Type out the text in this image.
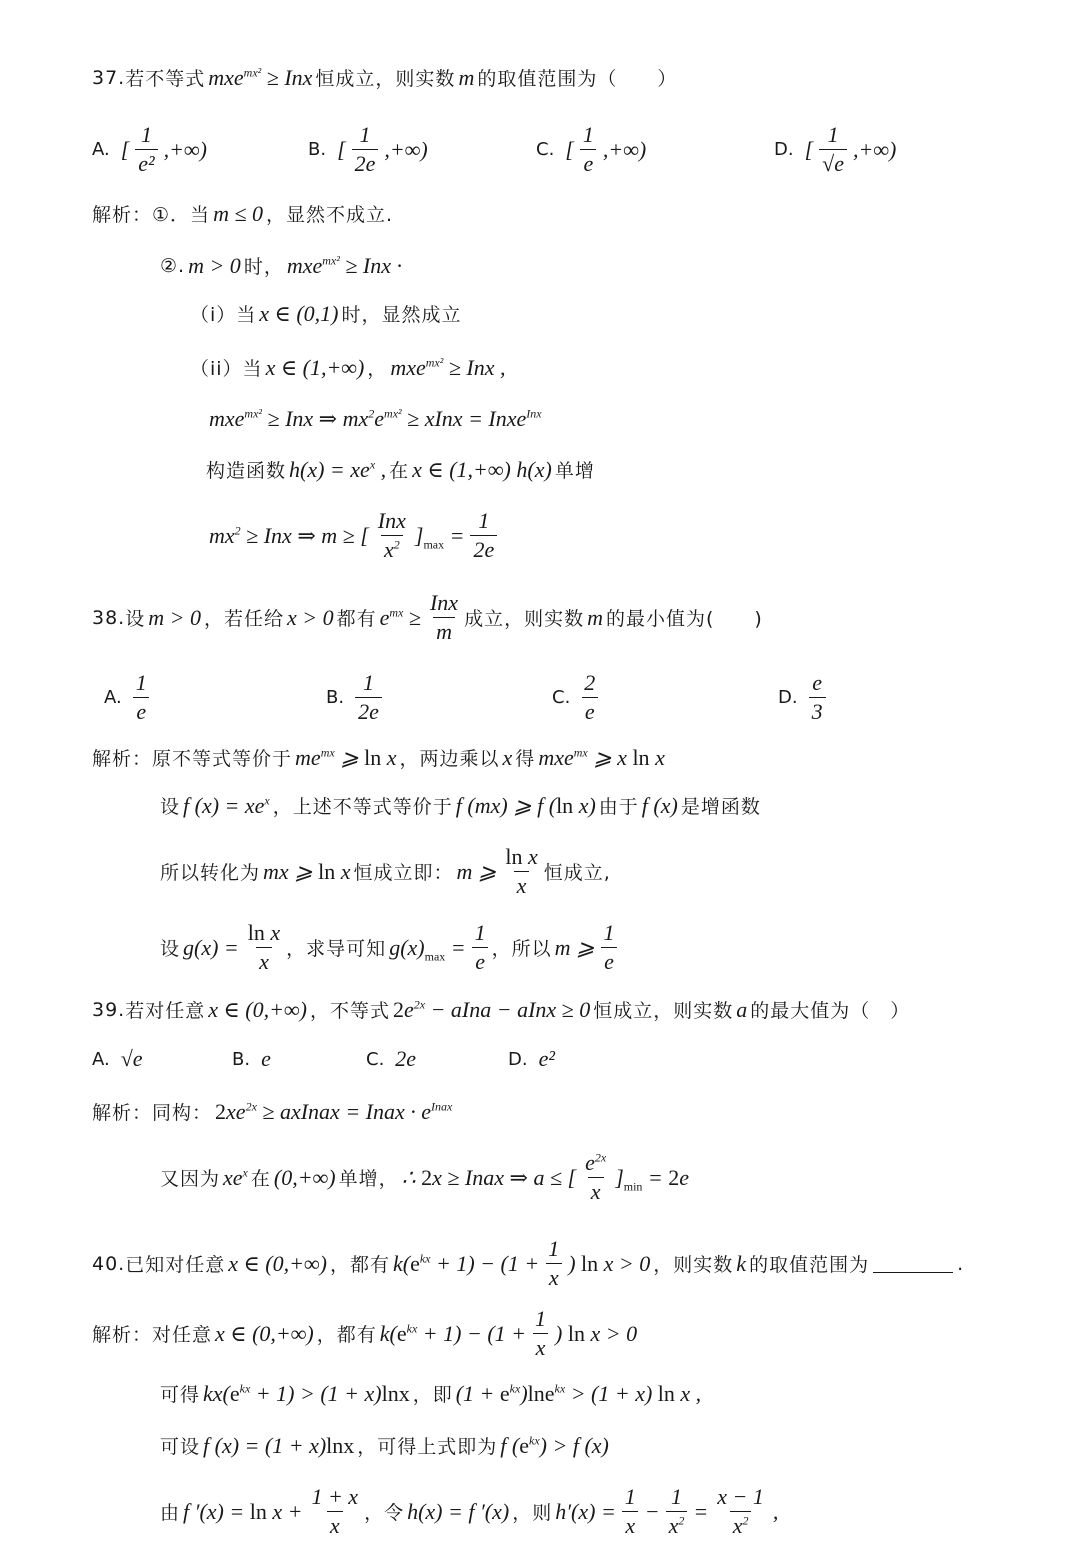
37. 若不等式 mxe$^{mx^2}$ ≥ Inx 恒成立，则实数 m 的取值范围为（　　）
A. [ $\frac{1}{\text{e²}}$ ,+∞)	B. [ $\frac{1}{2e}$ ,+∞)	C. [ $\frac{1}{e}$ ,+∞)	D. [ $\frac{1}{√e}$ ,+∞)
解析： ①．当 m ≤ 0 ，显然不成立.
②. m > 0 时， mxe$^{mx^2}$ ≥ Inx ·
（i）当 x ∈ (0,1) 时，显然成立
（ii）当 x ∈ (1,+∞) ， mxe$^{mx^2}$ ≥ Inx ,
mxe$^{mx^2}$ ≥ Inx ⇒ $mx^2e^{mx^2}$ ≥ xInx = Inxe$^{Inx}$
构造函数 $h(x) = xe^x$ , 在 x ∈ (1,+∞) h(x) 单增
$mx^2$ ≥ Inx ⇒ m ≥ [ $\frac{\text{Inx}}{x^2} ]_{max} = \frac{1}{2e}$
38. 设 m > 0 ，若任给 x > 0 都有 $e^{mx} \ge \frac{\text{Inx}}{m}$ 成立，则实数 m 的最小值为(　　)
A. $\frac{1}{e}$	B. $\frac{1}{2e}$	C. $\frac{2}{e}$	D. $\frac{e}{3}$
解析： 原不等式等价于 $me^{mx}$ ⩾ ln x ，两边乘以 x 得 mxe$^{mx}$ ⩾ x ln x
设 f $(x) = xe^x$ ，上述不等式等价于 f (mx) ⩾ f (ln x) 由于 f (x) 是增函数
所以转化为 mx ⩾ ln x 恒成立即： m ⩾ $\frac{\text{ln x}}{x}$ 恒成立,
设 $g(x) = \frac{\text{ln x}}{x}$ ，求导可知 $g(x)_{max} = \frac{1}{e}$ ，所以 m ⩾ $\frac{1}{e}$
39. 若对任意 x ∈ (0,+∞) ，不等式 $2e^{2x}$ − aIna − aInx ≥ 0 恒成立，则实数 a 的最大值为（　）
A. √e	B. e	C. 2e	D. e²
解析： 同构： $2xe^{2x}$ ≥ axInax = Inax · $e^{Inax}$
又因为 $xe^x$ 在 (0,+∞) 单增， ∴ 2x ≥ Inax ⇒ a ≤ [ $\frac{e^{2x}}{x} ]_{min} = 2e$
40. 已知对任意 x ∈ (0,+∞) ，都有 $k(e^{kx} + 1) - (1 + \frac{1}{x}$ ) ln x > 0 ，则实数 k 的取值范围为	.
解析： 对任意 x ∈ (0,+∞) ，都有 $k(e^{kx} + 1) - (1 + \frac{1}{x}$ ) ln x > 0
可得 $kx(e^{kx} + 1) > (1 + x)\ln x$ ，即 $(1 + e^{kx})\ln e^{kx} > (1 + x)$ ln x ,
可设 f (x) = (1 + x)lnx ，可得上式即为 f $(e^{kx}) > f$ (x)
由 f $'(x) = \ln x + \frac{1 + x}{x}$ ，令 h(x) = f ′(x) ，则 $h'(x) = \frac{1}{x} - \frac{1}{x^2} = \frac{x - 1}{x^2}$ ,
